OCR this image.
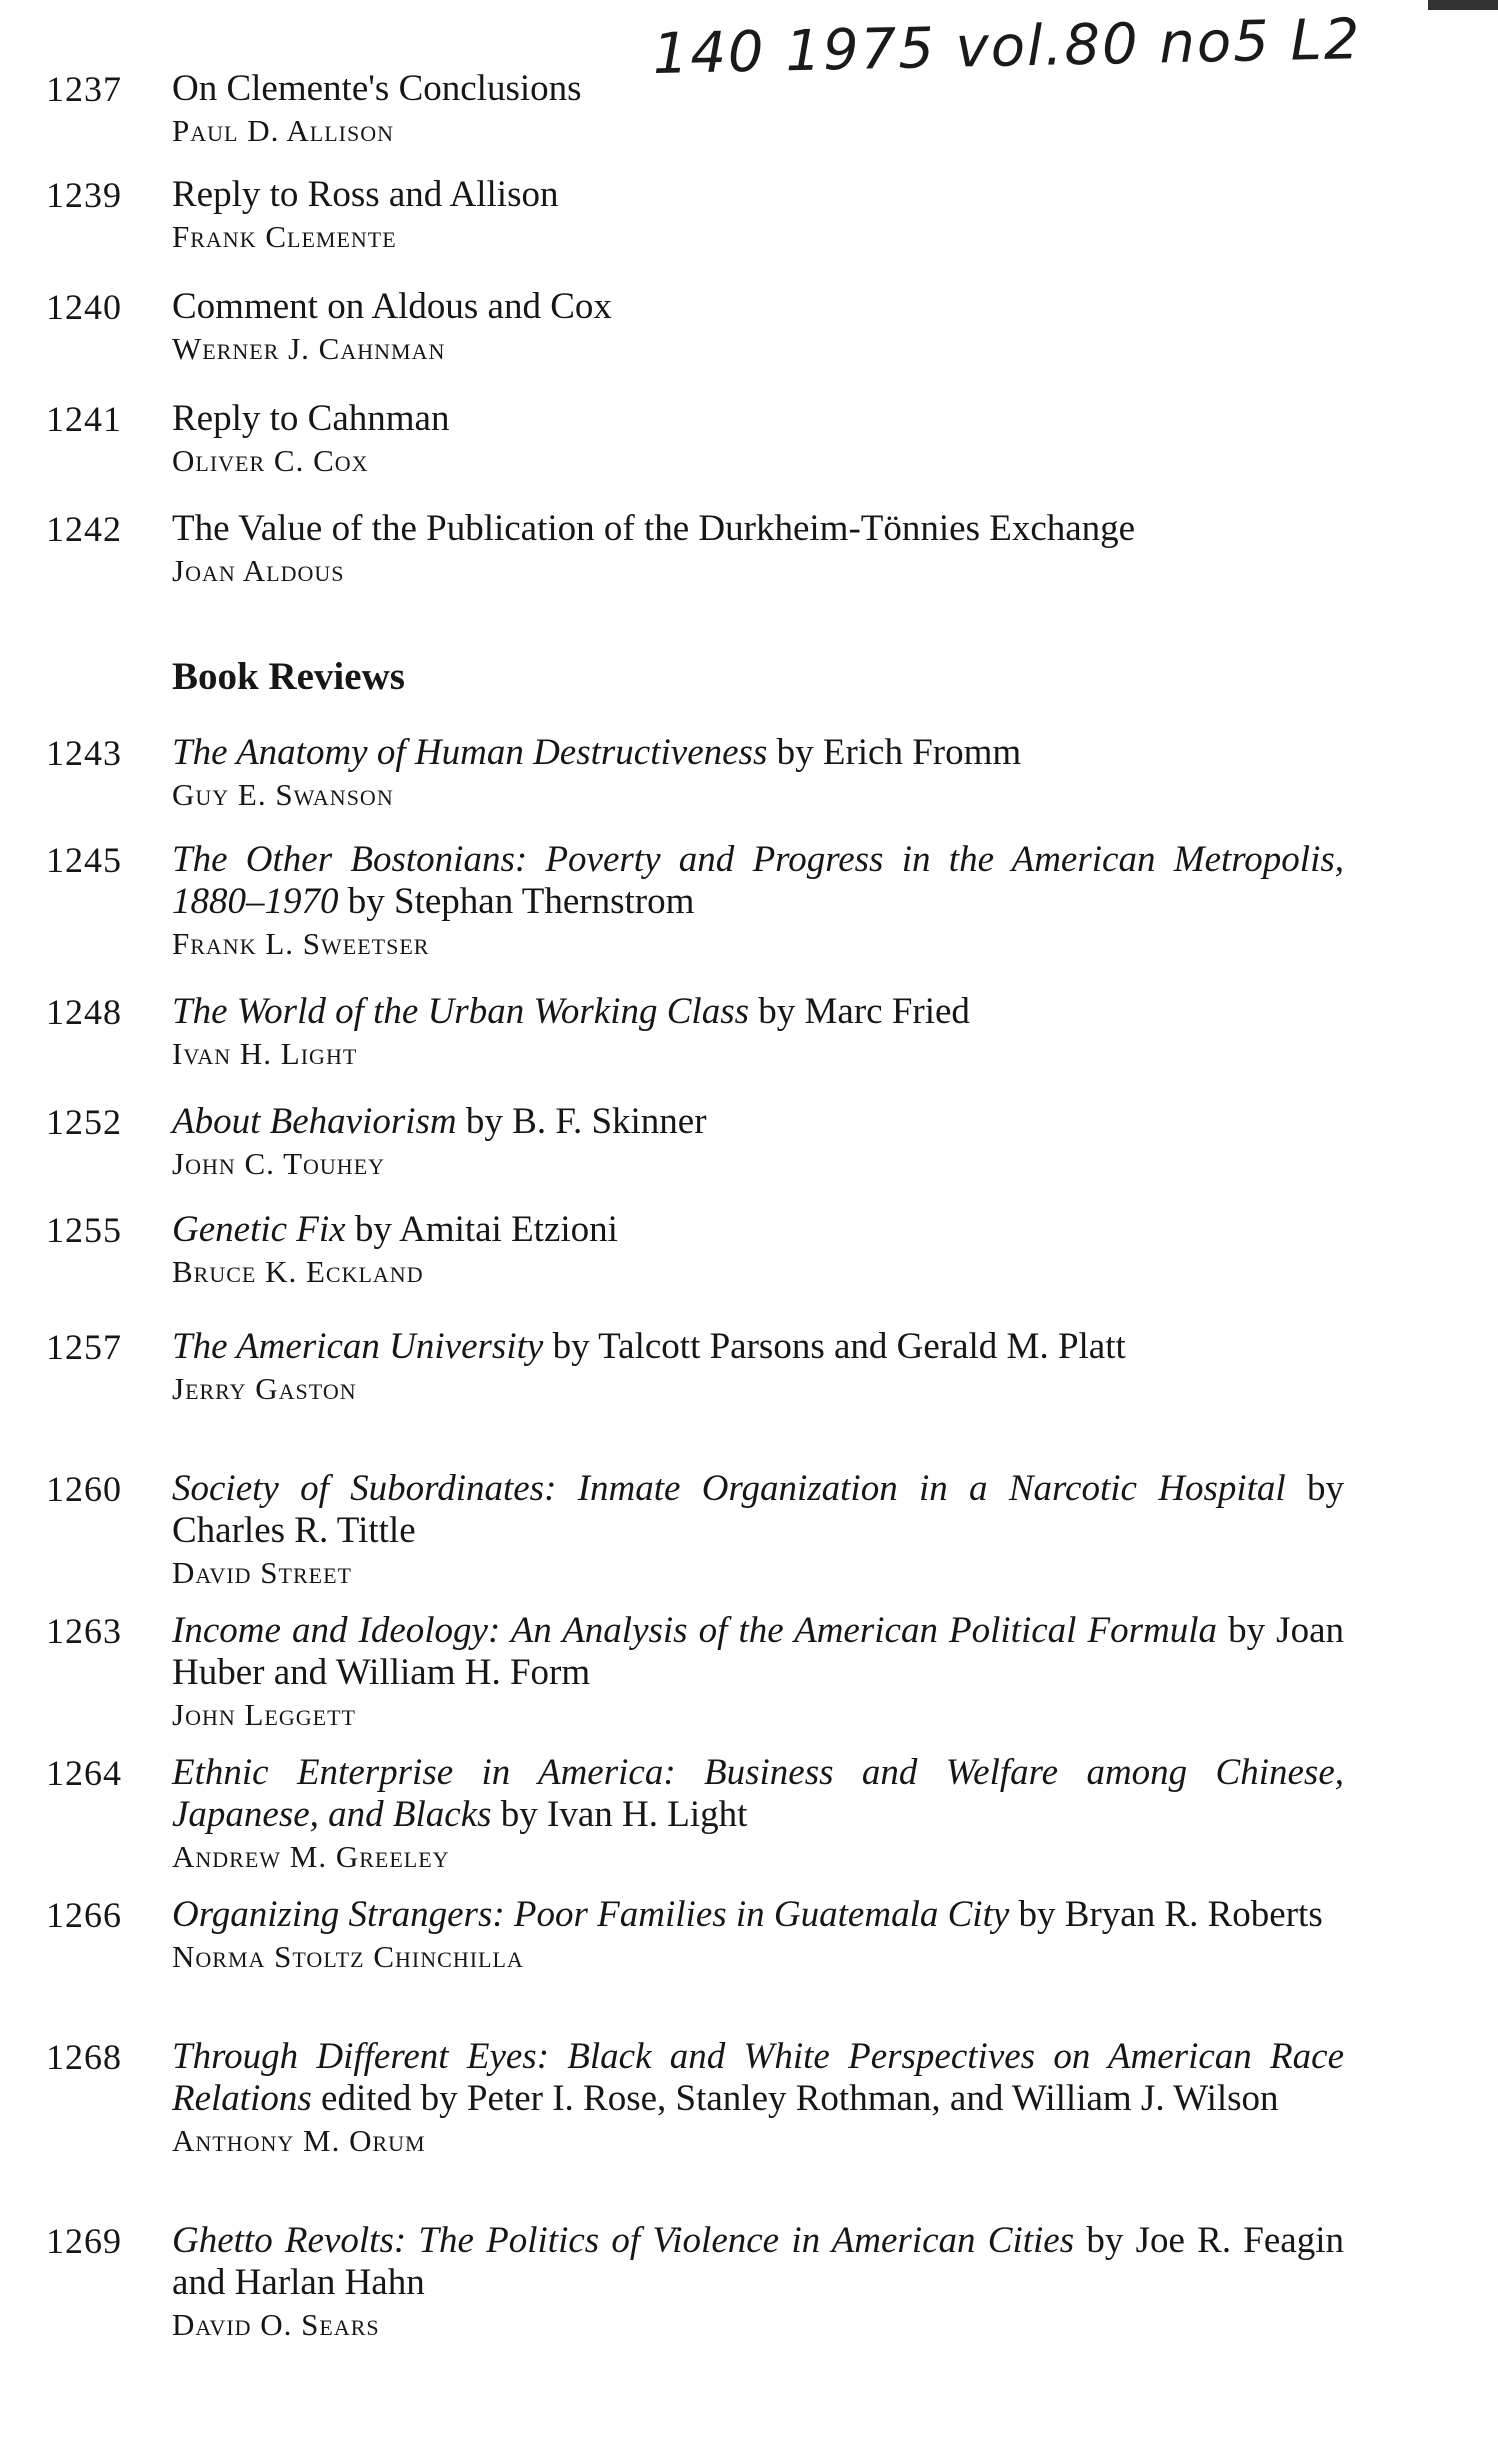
140 1975 vol.80 no5 L2
1237 On Clemente's Conclusions

Paul D. Allison

1239 Reply to Ross and Allison

Frank Clemente

1240 Comment on Aldous and Cox

Werner J. Cahnman

1241 Reply to Cahnman

Oliver C. Cox

1242 The Value of the Publication of the Durkheim-Tönnies Exchange

Joan Aldous

Book Reviews
1243 The Anatomy of Human Destructiveness by Erich Fromm

Guy E. Swanson

1245 The Other Bostonians: Poverty and Progress in the American Metropolis, 1880–1970 by Stephan Thernstrom

Frank L. Sweetser

1248 The World of the Urban Working Class by Marc Fried

Ivan H. Light

1252 About Behaviorism by B. F. Skinner

John C. Touhey

1255 Genetic Fix by Amitai Etzioni

Bruce K. Eckland

1257 The American University by Talcott Parsons and Gerald M. Platt

Jerry Gaston

1260 Society of Subordinates: Inmate Organization in a Narcotic Hospital by Charles R. Tittle

David Street

1263 Income and Ideology: An Analysis of the American Political Formula by Joan Huber and William H. Form

John Leggett

1264 Ethnic Enterprise in America: Business and Welfare among Chinese, Japanese, and Blacks by Ivan H. Light

Andrew M. Greeley

1266 Organizing Strangers: Poor Families in Guatemala City by Bryan R. Roberts

Norma Stoltz Chinchilla

1268 Through Different Eyes: Black and White Perspectives on American Race Relations edited by Peter I. Rose, Stanley Rothman, and William J. Wilson

Anthony M. Orum

1269 Ghetto Revolts: The Politics of Violence in American Cities by Joe R. Feagin and Harlan Hahn

David O. Sears
